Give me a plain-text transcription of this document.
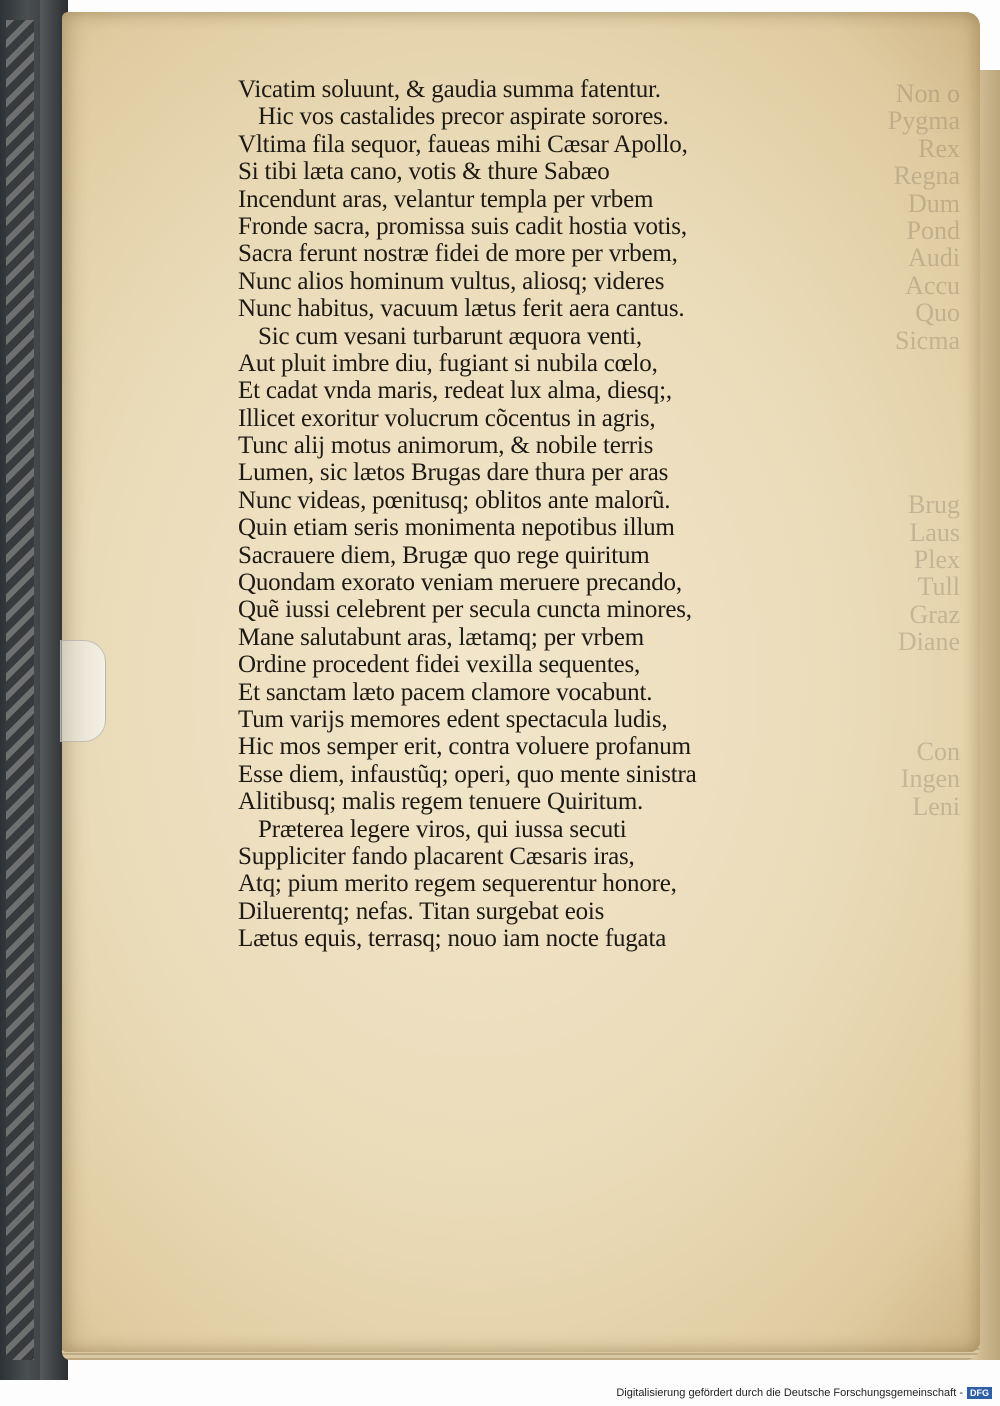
Non o
Pygma
Rex
Regna
Dum
Pond
Audi
Accu
Quo
Sicma

Brug
Laus
Plex
Tull
Graz
Diane

Con
Ingen
Leni

Vicatim soluunt, & gaudia summa fatentur.

Hic vos castalides precor aspirate sorores.

Vltima fila sequor, faueas mihi Cæsar Apollo,

Si tibi læta cano, votis & thure Sabæo

Incendunt aras, velantur templa per vrbem

Fronde sacra, promissa suis cadit hostia votis,

Sacra ferunt nostræ fidei de more per vrbem,

Nunc alios hominum vultus, aliosq; videres

Nunc habitus, vacuum lætus ferit aera cantus.

Sic cum vesani turbarunt æquora venti,

Aut pluit imbre diu, fugiant si nubila cœlo,

Et cadat vnda maris, redeat lux alma, diesq;,

Illicet exoritur volucrum cõcentus in agris,

Tunc alij motus animorum, & nobile terris

Lumen, sic lætos Brugas dare thura per aras

Nunc videas, pœnitusq; oblitos ante malorũ.

Quin etiam seris monimenta nepotibus illum

Sacrauere diem, Brugæ quo rege quiritum

Quondam exorato veniam meruere precando,

Quẽ iussi celebrent per secula cuncta minores,

Mane salutabunt aras, lætamq; per vrbem

Ordine procedent fidei vexilla sequentes,

Et sanctam læto pacem clamore vocabunt.

Tum varijs memores edent spectacula ludis,

Hic mos semper erit, contra voluere profanum

Esse diem, infaustũq; operi, quo mente sinistra

Alitibusq; malis regem tenuere Quiritum.

Præterea legere viros, qui iussa secuti

Suppliciter fando placarent Cæsaris iras,

Atq; pium merito regem sequerentur honore,

Diluerentq; nefas. Titan surgebat eois

Lætus equis, terrasq; nouo iam nocte fugata

Digitalisierung gefördert durch die Deutsche Forschungsgemeinschaft - DFG
